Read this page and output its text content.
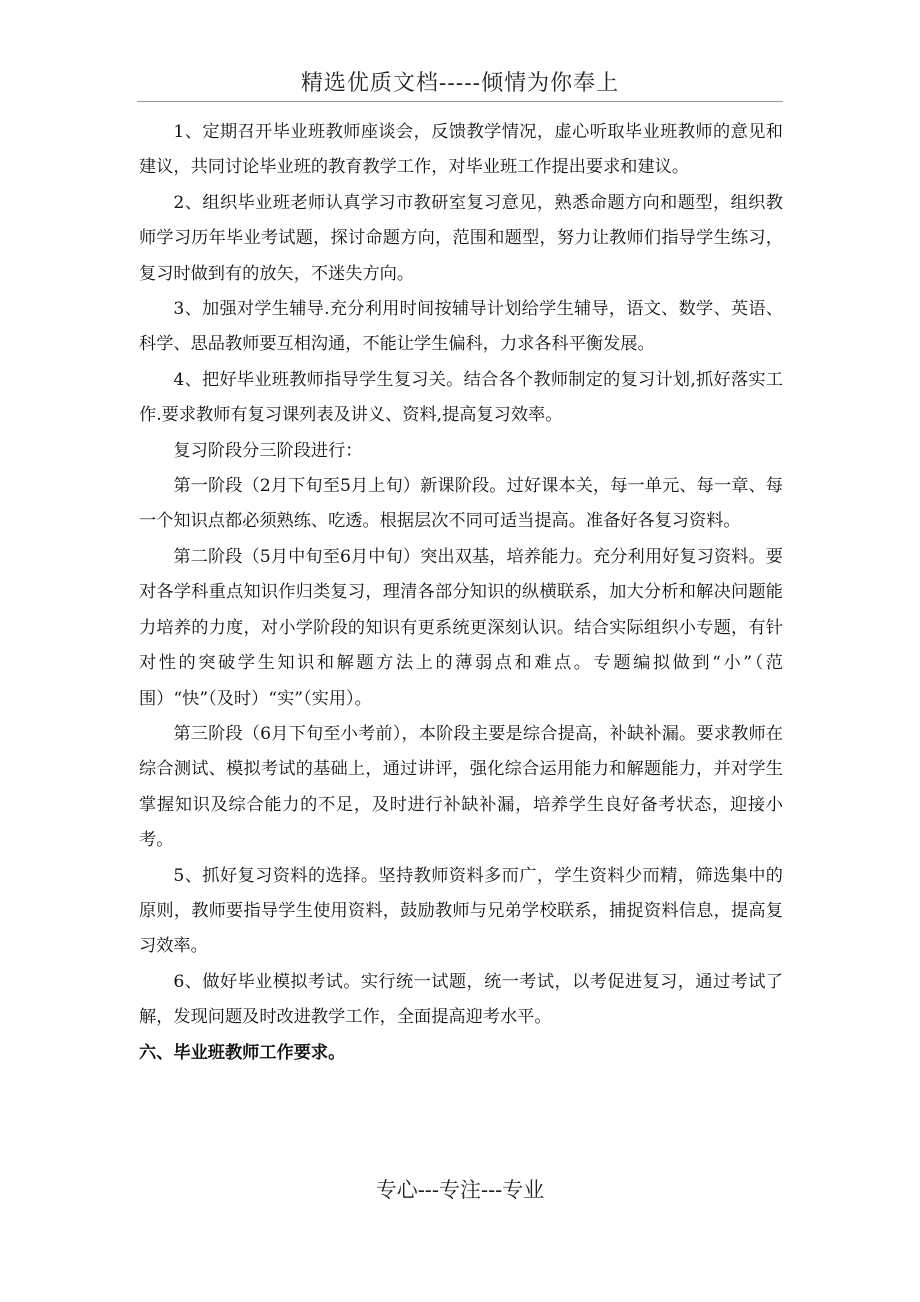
精选优质文档-----倾情为你奉上

1、定期召开毕业班教师座谈会，反馈教学情况，虚心听取毕业班教师的意见和建议，共同讨论毕业班的教育教学工作，对毕业班工作提出要求和建议。

2、组织毕业班老师认真学习市教研室复习意见，熟悉命题方向和题型，组织教师学习历年毕业考试题，探讨命题方向，范围和题型，努力让教师们指导学生练习，复习时做到有的放矢，不迷失方向。

3、加强对学生辅导.充分利用时间按辅导计划给学生辅导，语文、数学、英语、科学、思品教师要互相沟通，不能让学生偏科，力求各科平衡发展。

4、把好毕业班教师指导学生复习关。结合各个教师制定的复习计划,抓好落实工作.要求教师有复习课列表及讲义、资料,提高复习效率。

复习阶段分三阶段进行：

第一阶段（2月下旬至5月上旬）新课阶段。过好课本关，每一单元、每一章、每一个知识点都必须熟练、吃透。根据层次不同可适当提高。准备好各复习资料。

第二阶段（5月中旬至6月中旬）突出双基，培养能力。充分利用好复习资料。要对各学科重点知识作归类复习，理清各部分知识的纵横联系，加大分析和解决问题能力培养的力度，对小学阶段的知识有更系统更深刻认识。结合实际组织小专题，有针对性的突破学生知识和解题方法上的薄弱点和难点。专题编拟做到“小”（范围）“快”（及时）“实”（实用）。

第三阶段（6月下旬至小考前），本阶段主要是综合提高，补缺补漏。要求教师在综合测试、模拟考试的基础上，通过讲评，强化综合运用能力和解题能力，并对学生掌握知识及综合能力的不足，及时进行补缺补漏，培养学生良好备考状态，迎接小考。

5、抓好复习资料的选择。坚持教师资料多而广，学生资料少而精，筛选集中的原则，教师要指导学生使用资料，鼓励教师与兄弟学校联系，捕捉资料信息，提高复习效率。

6、做好毕业模拟考试。实行统一试题，统一考试，以考促进复习，通过考试了解，发现问题及时改进教学工作，全面提高迎考水平。

六、毕业班教师工作要求。

专心---专注---专业
